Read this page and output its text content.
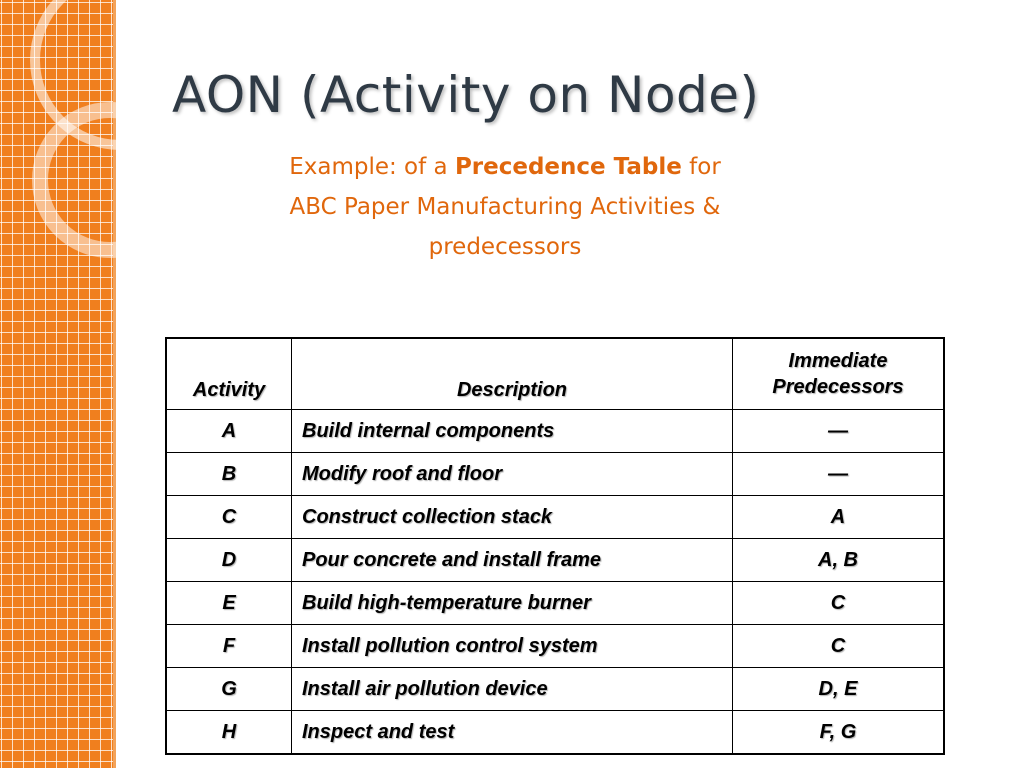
AON (Activity on Node)
Example: of a Precedence Table for
ABC Paper Manufacturing Activities &
predecessors
Activity	Description	Immediate
Predecessors

A	Build internal components	—
B	Modify roof and floor	—
C	Construct collection stack	A
D	Pour concrete and install frame	A, B
E	Build high-temperature burner	C
F	Install pollution control system	C
G	Install air pollution device	D, E
H	Inspect and test	F, G
